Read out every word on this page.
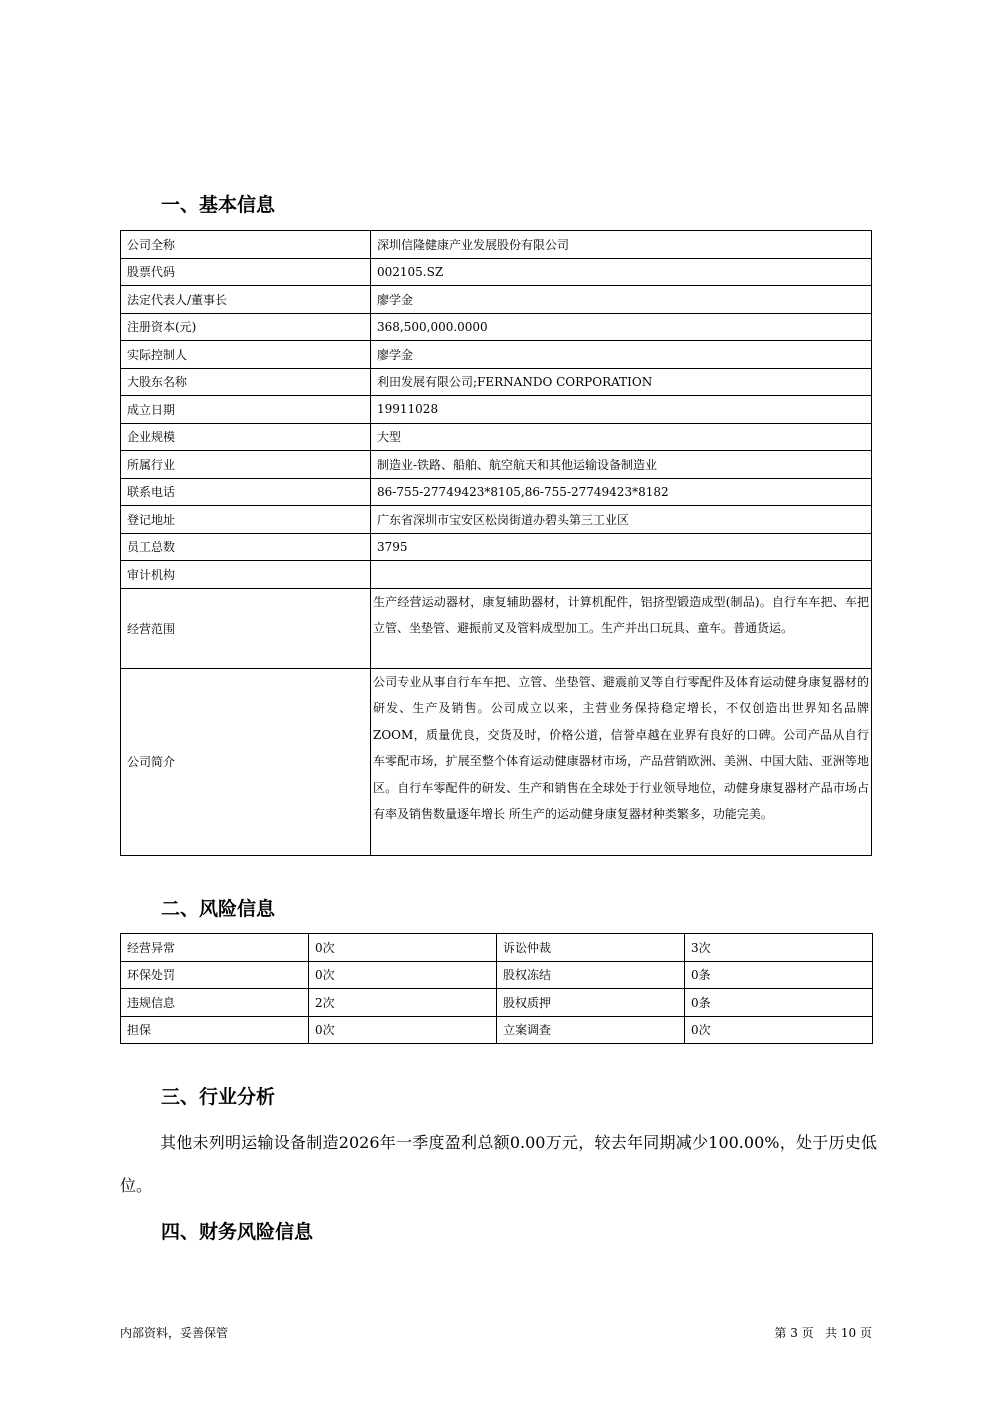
一、基本信息
公司全称	深圳信隆健康产业发展股份有限公司
股票代码	002105.SZ
法定代表人/董事长	廖学金
注册资本(元)	368,500,000.0000
实际控制人	廖学金
大股东名称	利田发展有限公司;FERNANDO CORPORATION
成立日期	19911028
企业规模	大型
所属行业	制造业-铁路、船舶、航空航天和其他运输设备制造业
联系电话	86-755-27749423*8105,86-755-27749423*8182
登记地址	广东省深圳市宝安区松岗街道办碧头第三工业区
员工总数	3795
审计机构	
经营范围	生产经营运动器材，康复辅助器材，计算机配件，铝挤型锻造成型(制品)。自行车车把、车把立管、坐垫管、避振前叉及管料成型加工。生产并出口玩具、童车。普通货运。
公司简介	公司专业从事自行车车把、立管、坐垫管、避震前叉等自行零配件及体育运动健身康复器材的研发、生产及销售。公司成立以来，主营业务保持稳定增长，不仅创造出世界知名品牌ZOOM，质量优良，交货及时，价格公道，信誉卓越在业界有良好的口碑。公司产品从自行车零配市场，扩展至整个体育运动健康器材市场，产品营销欧洲、美洲、中国大陆、亚洲等地区。自行车零配件的研发、生产和销售在全球处于行业领导地位，动健身康复器材产品市场占有率及销售数量逐年增长 所生产的运动健身康复器材种类繁多，功能完美。
二、风险信息
经营异常	0次	诉讼仲裁	3次
环保处罚	0次	股权冻结	0条
违规信息	2次	股权质押	0条
担保	0次	立案调查	0次
三、行业分析

其他未列明运输设备制造2026年一季度盈利总额0.00万元，较去年同期减少100.00%，处于历史低位。

四、财务风险信息
内部资料，妥善保管	第 3 页   共 10 页
